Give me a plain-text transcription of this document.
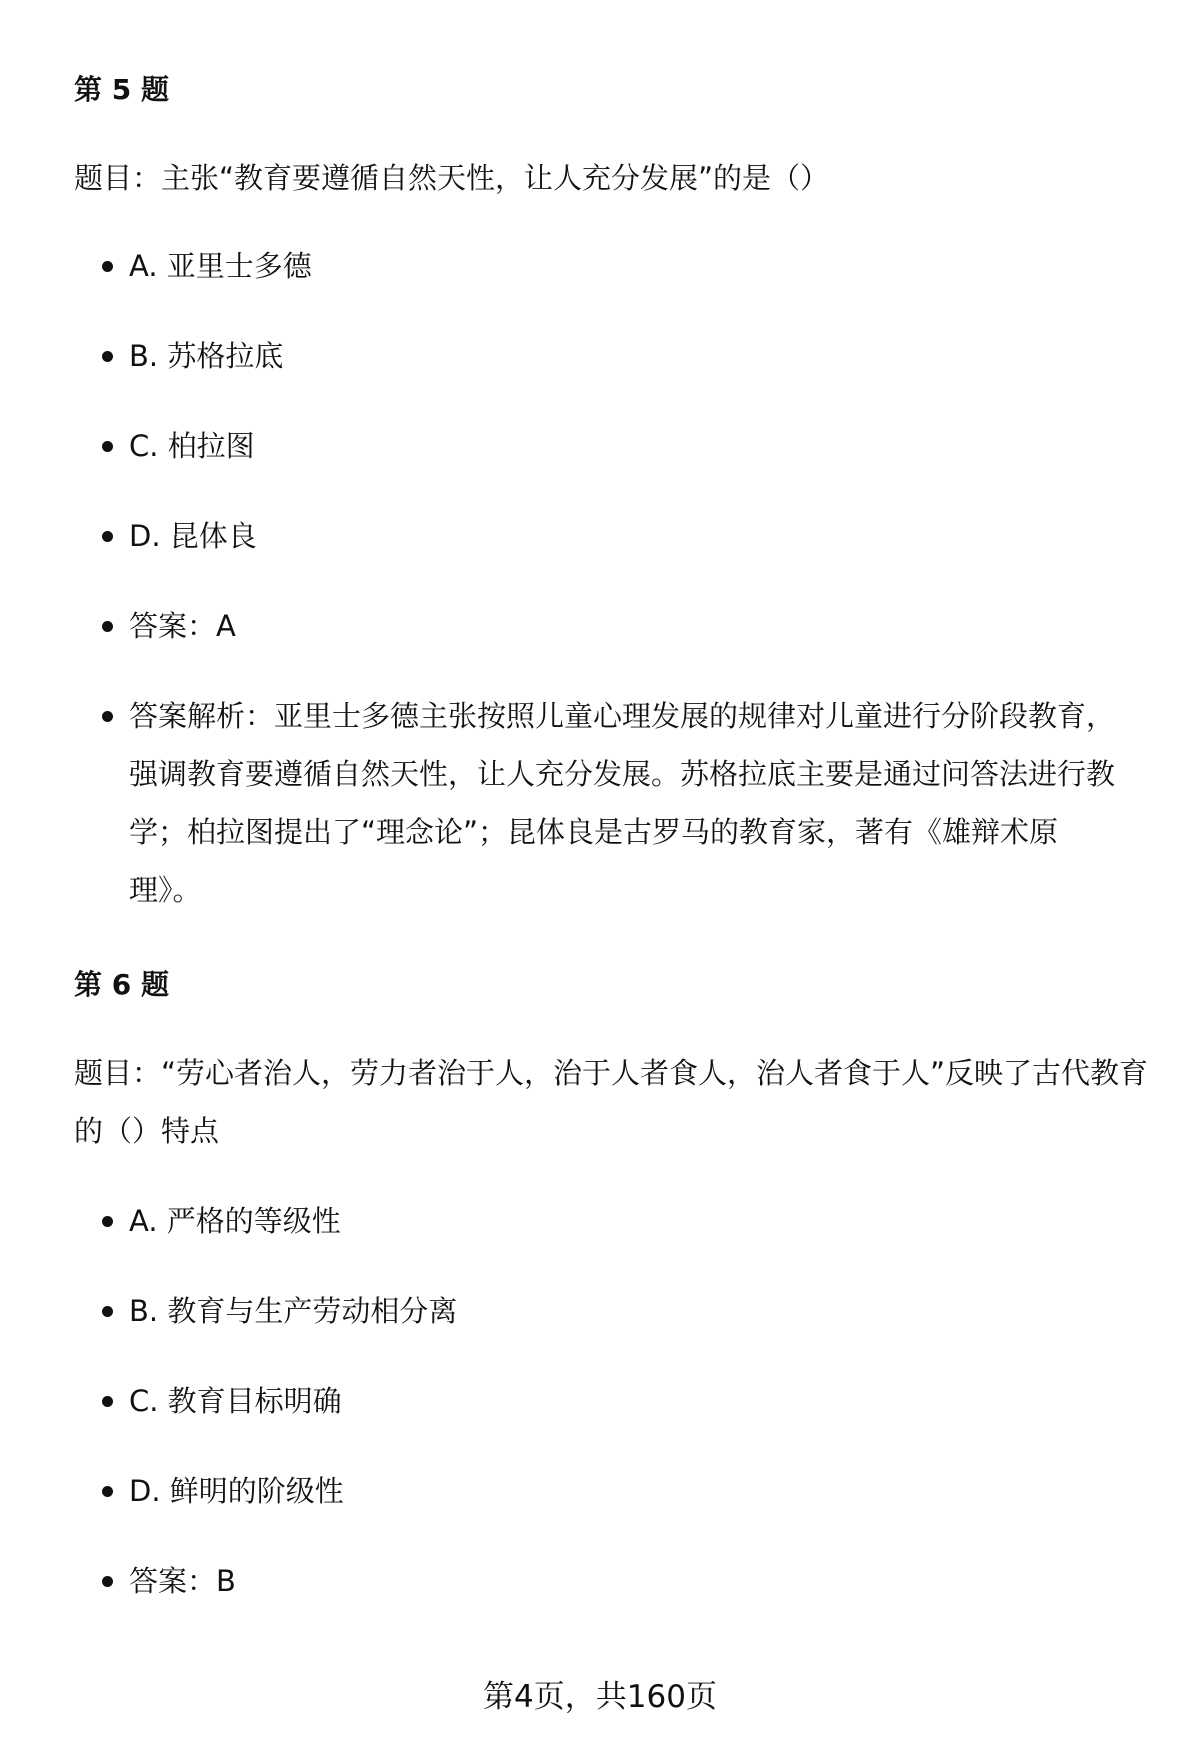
第 5 题
题目：主张“教育要遵循自然天性，让人充分发展”的是（）
A. 亚里士多德
B. 苏格拉底
C. 柏拉图
D. 昆体良
答案：A
答案解析：亚里士多德主张按照儿童心理发展的规律对儿童进行分阶段教育，强调教育要遵循自然天性，让人充分发展。苏格拉底主要是通过问答法进行教学；柏拉图提出了“理念论”；昆体良是古罗马的教育家，著有《雄辩术原理》。
第 6 题
题目：“劳心者治人，劳力者治于人，治于人者食人，治人者食于人”反映了古代教育的（）特点
A. 严格的等级性
B. 教育与生产劳动相分离
C. 教育目标明确
D. 鲜明的阶级性
答案：B
第4页，共160页
